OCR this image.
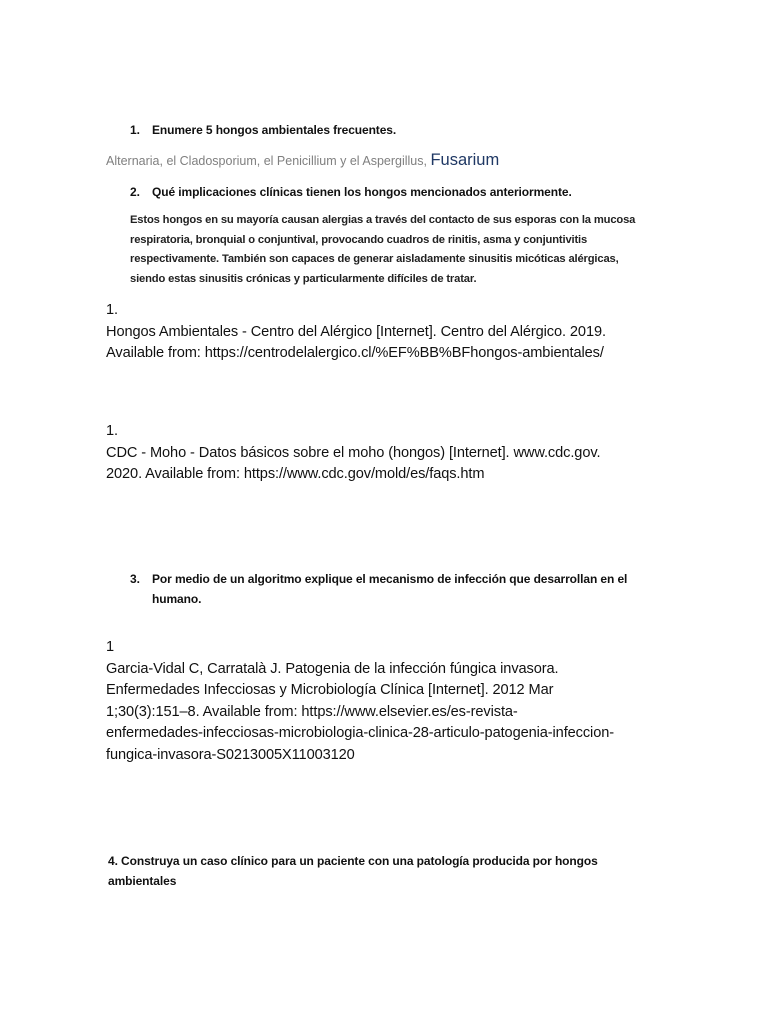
1.	Enumere 5 hongos ambientales frecuentes.
Alternaria, el Cladosporium, el Penicillium y el Aspergillus, Fusarium
2.	Qué implicaciones clínicas tienen los hongos mencionados anteriormente.
Estos hongos en su mayoría causan alergias a través del contacto de sus esporas con la mucosa
respiratoria, bronquial o conjuntival, provocando cuadros de rinitis, asma y conjuntivitis
respectivamente. También son capaces de generar aisladamente sinusitis micóticas alérgicas,
siendo estas sinusitis crónicas y particularmente difíciles de tratar.
1.
Hongos Ambientales - Centro del Alérgico [Internet]. Centro del Alérgico. 2019.
Available from: https://centrodelalergico.cl/%EF%BB%BFhongos-ambientales/
1.
CDC - Moho - Datos básicos sobre el moho (hongos) [Internet]. www.cdc.gov.
2020. Available from: https://www.cdc.gov/mold/es/faqs.htm
3.	Por medio de un algoritmo explique el mecanismo de infección que desarrollan en el
humano.
1
Garcia-Vidal C, Carratalà J. Patogenia de la infección fúngica invasora.
Enfermedades Infecciosas y Microbiología Clínica [Internet]. 2012 Mar
1;30(3):151–8. Available from: https://www.elsevier.es/es-revista-
enfermedades-infecciosas-microbiologia-clinica-28-articulo-patogenia-infeccion-
fungica-invasora-S0213005X11003120
4. Construya un caso clínico para un paciente con una patología producida por hongos
ambientales
